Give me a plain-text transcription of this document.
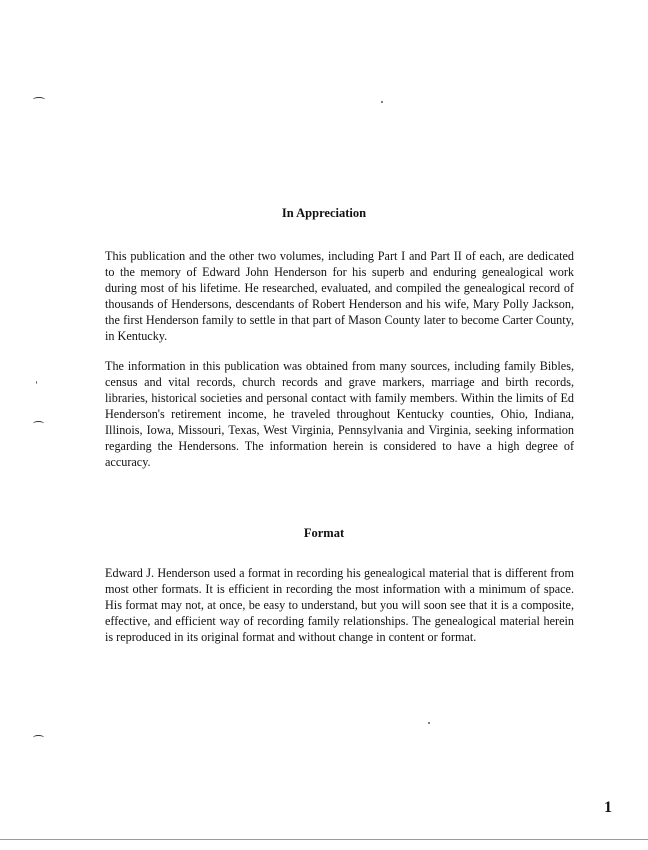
In Appreciation

This publication and the other two volumes, including Part I and Part II of each, are dedicated to the memory of Edward John Henderson for his superb and enduring genealogical work during most of his lifetime. He researched, evaluated, and compiled the genealogical record of thousands of Hendersons, descendants of Robert Henderson and his wife, Mary Polly Jackson, the first Henderson family to settle in that part of Mason County later to become Carter County, in Kentucky.

The information in this publication was obtained from many sources, including family Bibles, census and vital records, church records and grave markers, marriage and birth records, libraries, historical societies and personal contact with family members. Within the limits of Ed Henderson's retirement income, he traveled throughout Kentucky counties, Ohio, Indiana, Illinois, Iowa, Missouri, Texas, West Virginia, Pennsylvania and Virginia, seeking information regarding the Hendersons. The information herein is considered to have a high degree of accuracy.

Format

Edward J. Henderson used a format in recording his genealogical material that is different from most other formats. It is efficient in recording the most information with a minimum of space. His format may not, at once, be easy to understand, but you will soon see that it is a composite, effective, and efficient way of recording family relationships. The genealogical material herein is reproduced in its original format and without change in content or format.

1
